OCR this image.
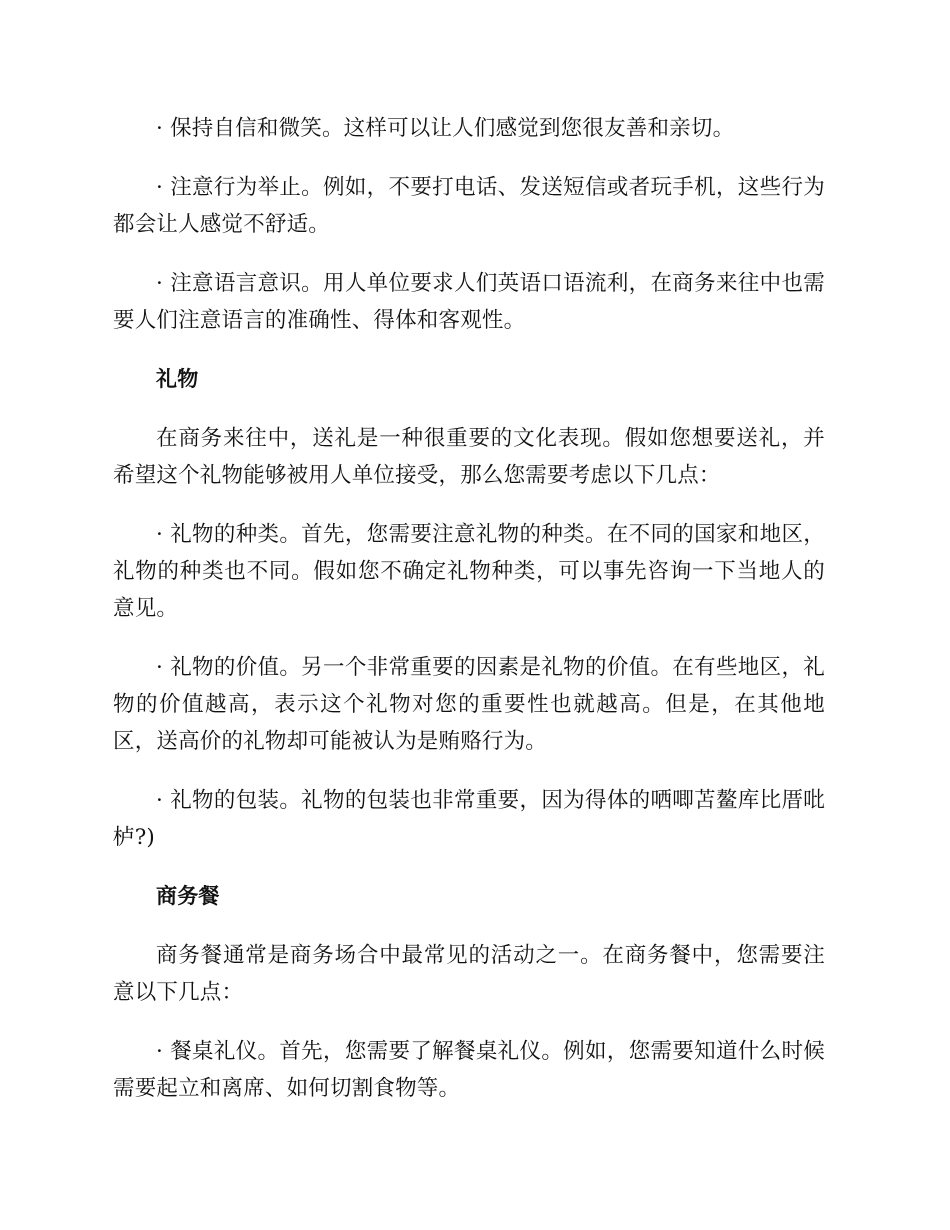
· 保持自信和微笑。这样可以让人们感觉到您很友善和亲切。

· 注意行为举止。例如，不要打电话、发送短信或者玩手机，这些行为都会让人感觉不舒适。

· 注意语言意识。用人单位要求人们英语口语流利，在商务来往中也需要人们注意语言的准确性、得体和客观性。

礼物

在商务来往中，送礼是一种很重要的文化表现。假如您想要送礼，并希望这个礼物能够被用人单位接受，那么您需要考虑以下几点：

· 礼物的种类。首先，您需要注意礼物的种类。在不同的国家和地区，礼物的种类也不同。假如您不确定礼物种类，可以事先咨询一下当地人的意见。

· 礼物的价值。另一个非常重要的因素是礼物的价值。在有些地区，礼物的价值越高，表示这个礼物对您的重要性也就越高。但是，在其他地区，送高价的礼物却可能被认为是贿赂行为。

· 礼物的包装。礼物的包装也非常重要，因为得体的哂唧苫鳌库比厝吡栌?)

商务餐

商务餐通常是商务场合中最常见的活动之一。在商务餐中，您需要注意以下几点：

· 餐桌礼仪。首先，您需要了解餐桌礼仪。例如，您需要知道什么时候需要起立和离席、如何切割食物等。
